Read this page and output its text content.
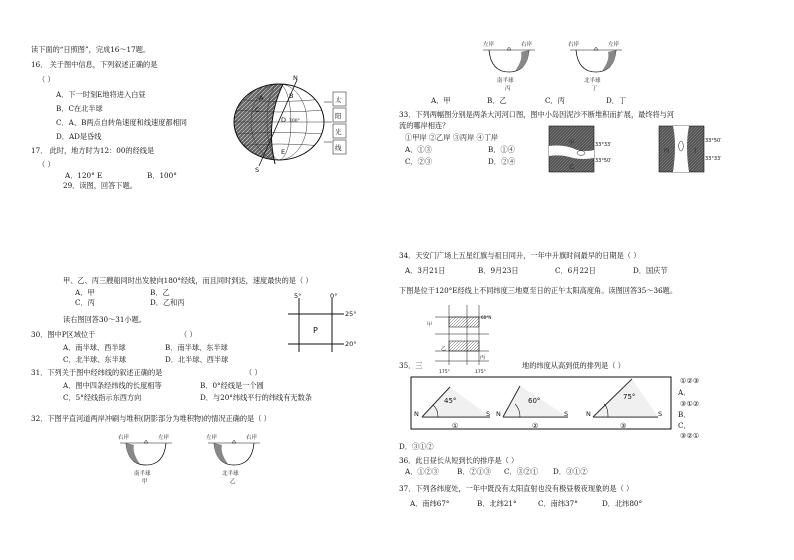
读下面的“日照图”，完成16～17题。
16． 关于图中信息，下列叙述正确的是
（ ）
A．下一时刻E地将进入白昼
B．C在北半球
C．A、B两点自转角速度和线速度都相同
D．AD是昏线
17． 此时，地方时为12：00的经线是
（ ）
A．120° E	B．100°
29．读图，回答下题。
N
S
A	B
C
D
E
100°
太
阳
光
线
甲、乙、丙三艘船同时出发驶向180°经线，而且同时到达，速度最快的是（ ）
A．甲	B．乙
C．丙	D．乙和丙
读右图回答30～31小题。
5°	0°
25°
20°
P
30．图中P区域位于	（ ）
A．南半球、西半球	B．南半球、东半球
C．北半球、东半球	D．北半球、西半球
31．下列关于图中经纬线的叙述正确的是	（ ）
A．图中四条经纬线的长度相等	B．0°经线是一个圆
C．5°经线指示东西方向	D．与20°纬线平行的纬线有无数条
32．下图平直河道两岸冲刷与堆积(阴影部分为堆积物)的情况正确的是（ ）
右岸	左岸
南半球
甲
左岸	右岸
北半球
乙
左岸	右岸
南半球
丙
右岸	左岸
北半球
丁
A．甲	B．乙	C．丙	D．丁
33．下列两幅图分别是两条大河河口图，图中小岛因泥沙不断堆积而扩展，最终将与河
流的哪岸相连？
①甲岸 ②乙岸 ③丙岸 ④丁岸
A．①③	B．①④
C．②③	D．②④
甲
乙
33°33′
33°50′
丙	丁
33°50′
33°33′
34．天安门广场上五星红旗与祖日同升，一年中升旗时间最早的日期是（ ）
A．3月21日	B．9月23日	C．6月22日	D．国庆节
下图是位于120°E经线上不同纬度三地夏至日的正午太阳高度角。读图回答35～36题。
60°N
甲
乙
丙
175°	175°
35．三	地的纬度从高到低的排列是（ ）
45°	60°	75°
N	S N	S	N	S
①	②	③
A．
①②③
B．
③①②
C．
③②①
D．③①②
36．此日昼长从短到长的排序是（ ）
A．①②③	B．②①③ C．③②① D．③①②
37．下列各纬度处，一年中既没有太阳直射也没有极昼极夜现象的是（ ）
A．南纬67°	B．北纬21°	C．南纬37°	D．北纬80°
